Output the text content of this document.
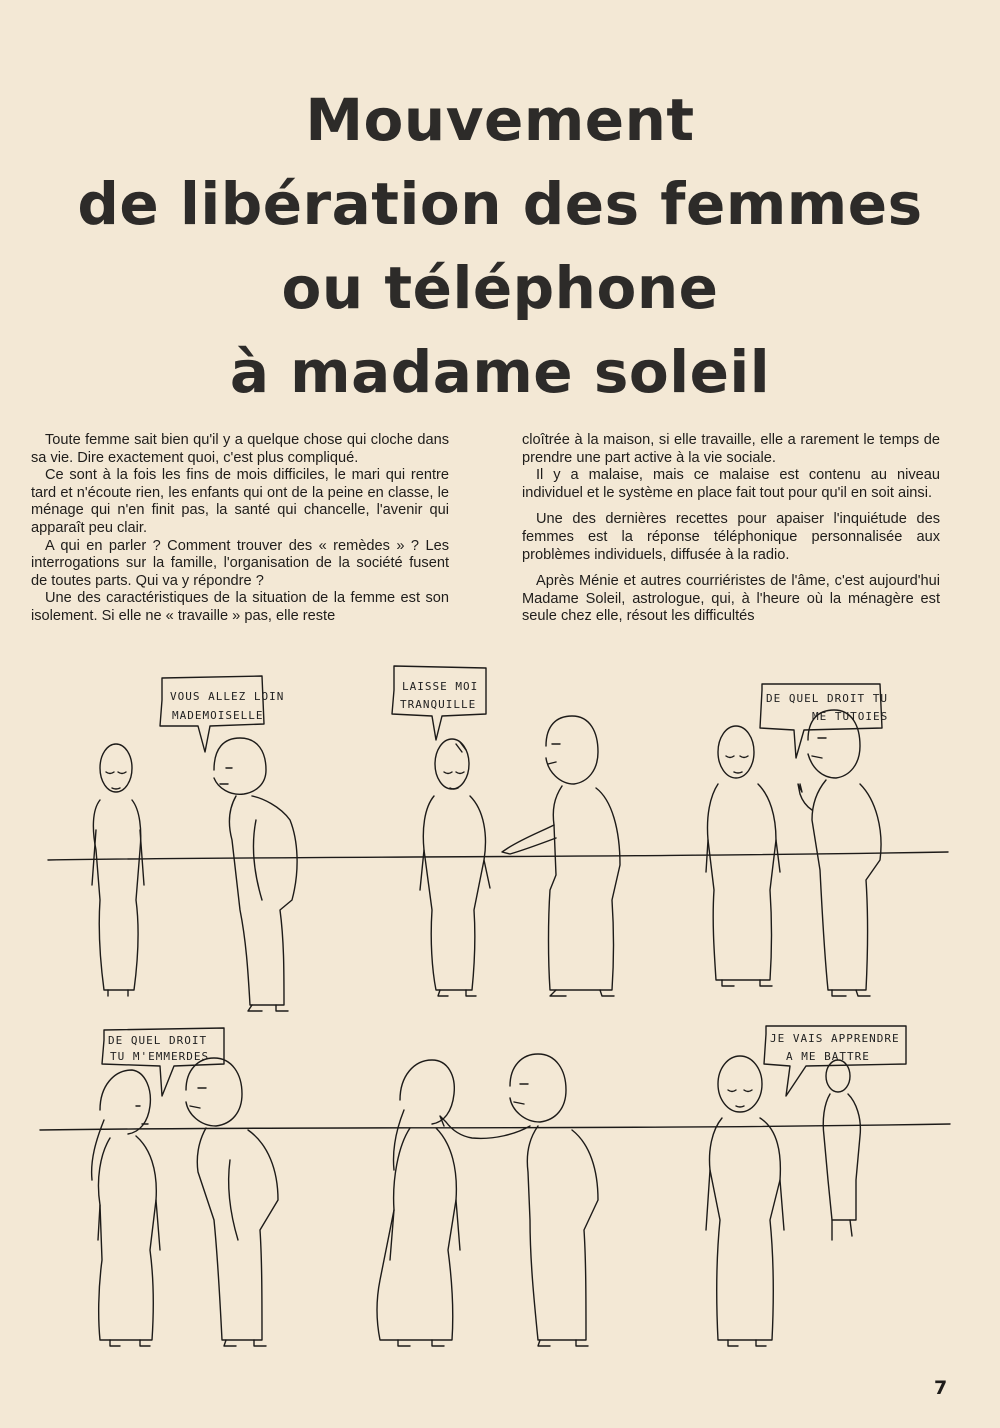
Mouvement
de libération des femmes
ou téléphone
à madame soleil

Toute femme sait bien qu'il y a quelque chose qui cloche dans sa vie. Dire exactement quoi, c'est plus compliqué.

Ce sont à la fois les fins de mois difficiles, le mari qui rentre tard et n'écoute rien, les enfants qui ont de la peine en classe, le ménage qui n'en finit pas, la santé qui chancelle, l'avenir qui apparaît peu clair.

A qui en parler ? Comment trouver des « remèdes » ? Les interrogations sur la famille, l'organisation de la société fusent de toutes parts. Qui va y répondre ?

Une des caractéristiques de la situation de la femme est son isolement. Si elle ne « travaille » pas, elle reste

cloîtrée à la maison, si elle travaille, elle a rarement le temps de prendre une part active à la vie sociale.

Il y a malaise, mais ce malaise est contenu au niveau individuel et le système en place fait tout pour qu'il en soit ainsi.

Une des dernières recettes pour apaiser l'inquiétude des femmes est la réponse téléphonique personnalisée aux problèmes individuels, diffusée à la radio.

Après Ménie et autres courriéristes de l'âme, c'est aujourd'hui Madame Soleil, astrologue, qui, à l'heure où la ménagère est seule chez elle, résout les difficultés

VOUS ALLEZ LOIN
MADEMOISELLE
LAISSE MOI
TRANQUILLE	DE QUEL DROIT TU
ME TUTOIES
DE QUEL DROIT
TU M'EMMERDES
JE VAIS APPRENDRE
A ME BATTRE
7
